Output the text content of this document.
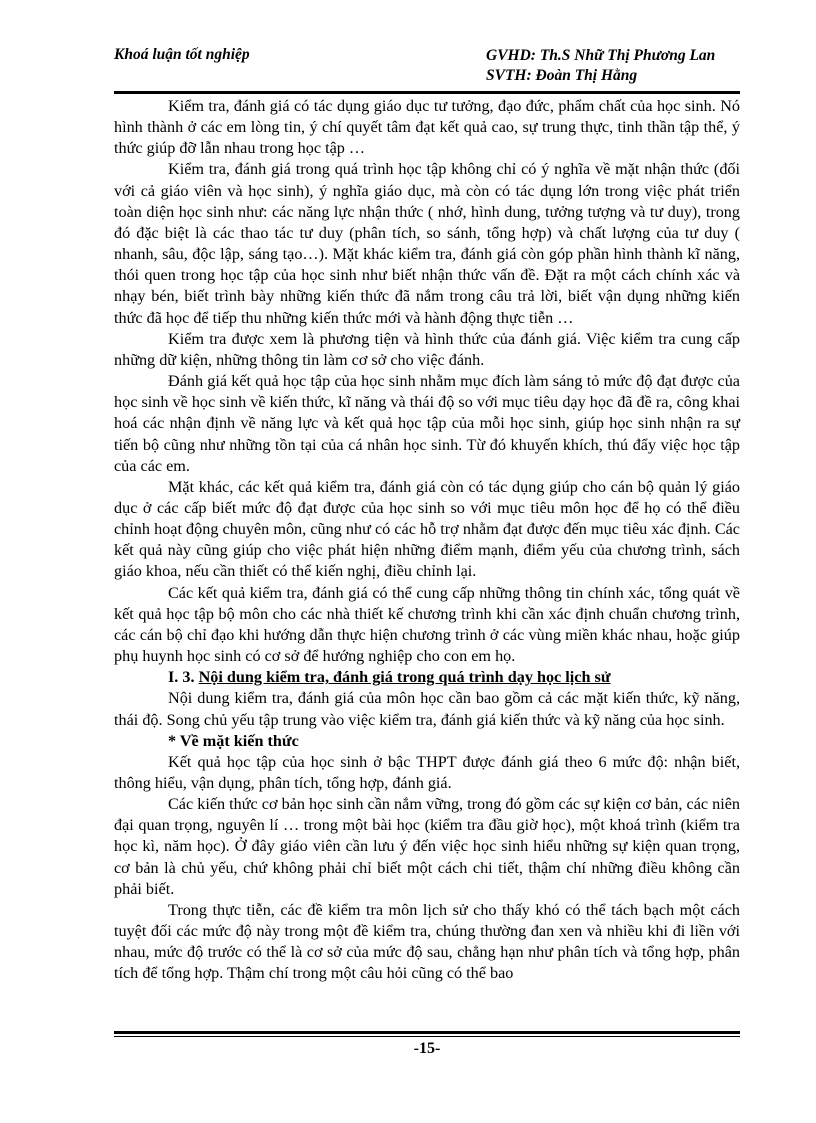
Khoá luận tốt nghiệp	GVHD: Th.S Nhữ Thị Phương Lan
SVTH: Đoàn Thị Hằng

Kiểm tra, đánh giá có tác dụng giáo dục tư tưởng, đạo đức, phẩm chất của học sinh. Nó hình thành ở các em lòng tin, ý chí quyết tâm đạt kết quả cao, sự trung thực, tinh thần tập thể, ý thức giúp đỡ lẫn nhau trong học tập …

Kiểm tra, đánh giá trong quá trình học tập không chỉ có ý nghĩa về mặt nhận thức (đối với cả giáo viên và học sinh), ý nghĩa giáo dục, mà còn có tác dụng lớn trong việc phát triển toàn diện học sinh như: các năng lực nhận thức ( nhớ, hình dung, tưởng tượng và tư duy), trong đó đặc biệt là các thao tác tư duy (phân tích, so sánh, tổng hợp) và chất lượng của tư duy ( nhanh, sâu, độc lập, sáng tạo…). Mặt khác kiểm tra, đánh giá còn góp phần hình thành kĩ năng, thói quen trong học tập của học sinh như biết nhận thức vấn đề. Đặt ra một cách chính xác và nhạy bén, biết trình bày những kiến thức đã nắm trong câu trả lời, biết vận dụng những kiến thức đã học để tiếp thu những kiến thức mới và hành động thực tiễn …

Kiểm tra được xem là phương tiện và hình thức của đánh giá. Việc kiểm tra cung cấp những dữ kiện, những thông tin làm cơ sở cho việc đánh.

Đánh giá kết quả học tập của học sinh nhằm mục đích làm sáng tỏ mức độ đạt được của học sinh về học sinh về kiến thức, kĩ năng và thái độ so với mục tiêu dạy học đã đề ra, công khai hoá các nhận định về năng lực và kết quả học tập của mỗi học sinh, giúp học sinh nhận ra sự tiến bộ cũng như những tồn tại của cá nhân học sinh. Từ đó khuyến khích, thú đẩy việc học tập của các em.

Mặt khác, các kết quả kiểm tra, đánh giá còn có tác dụng giúp cho cán bộ quản lý giáo dục ở các cấp biết mức độ đạt được của học sinh so với mục tiêu môn học để họ có thể điều chỉnh hoạt động chuyên môn, cũng như có các hỗ trợ nhằm đạt được đến mục tiêu xác định. Các kết quả này cũng giúp cho việc phát hiện những điểm mạnh, điểm yếu của chương trình, sách giáo khoa, nếu cần thiết có thể kiến nghị, điều chỉnh lại.

Các kết quả kiểm tra, đánh giá có thể cung cấp những thông tin chính xác, tổng quát về kết quả học tập bộ môn cho các nhà thiết kế chương trình khi cần xác định chuẩn chương trình, các cán bộ chỉ đạo khi hướng dẫn thực hiện chương trình ở các vùng miền khác nhau, hoặc giúp phụ huynh học sinh có cơ sở để hướng nghiệp cho con em họ.

I. 3. Nội dung kiểm tra, đánh giá trong quá trình dạy học lịch sử

Nội dung kiểm tra, đánh giá của môn học cần bao gồm cả các mặt kiến thức, kỹ năng, thái độ. Song chủ yếu tập trung vào việc kiểm tra, đánh giá kiến thức và kỹ năng của học sinh.

* Về mặt kiến thức

Kết quả học tập của học sinh ở bậc THPT được đánh giá theo 6 mức độ: nhận biết, thông hiểu, vận dụng, phân tích, tổng hợp, đánh giá.

Các kiến thức cơ bản học sinh cần nắm vững, trong đó gồm các sự kiện cơ bản, các niên đại quan trọng, nguyên lí … trong một bài học (kiểm tra đầu giờ học), một khoá trình (kiểm tra học kì, năm học). Ở đây giáo viên cần lưu ý đến việc học sinh hiểu những sự kiện quan trọng, cơ bản là chủ yếu, chứ không phải chỉ biết một cách chi tiết, thậm chí những điều không cần phải biết.

Trong thực tiễn, các đề kiểm tra môn lịch sử cho thấy khó có thể tách bạch một cách tuyệt đối các mức độ này trong một đề kiểm tra, chúng thường đan xen và nhiều khi đi liền với nhau, mức độ trước có thể là cơ sở của mức độ sau, chẳng hạn như phân tích và tổng hợp, phân tích để tổng hợp. Thậm chí trong một câu hỏi cũng có thể bao

-15-
